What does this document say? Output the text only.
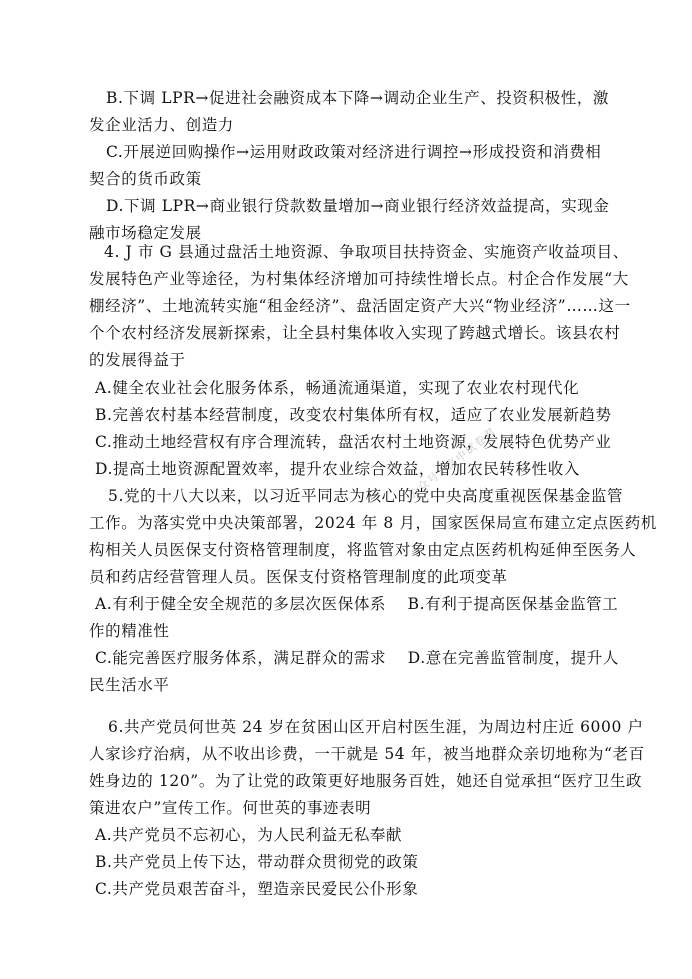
公众号：高中试卷君
B.下调 LPR→促进社会融资成本下降→调动企业生产、投资积极性，激
发企业活力、创造力
C.开展逆回购操作→运用财政政策对经济进行调控→形成投资和消费相
契合的货币政策
D.下调 LPR→商业银行贷款数量增加→商业银行经济效益提高，实现金
融市场稳定发展
4. J 市 G 县通过盘活土地资源、争取项目扶持资金、实施资产收益项目、
发展特色产业等途径，为村集体经济增加可持续性增长点。村企合作发展“大
棚经济”、土地流转实施“租金经济”、盘活固定资产大兴“物业经济”……这一
个个农村经济发展新探索，让全县村集体收入实现了跨越式增长。该县农村
的发展得益于
A.健全农业社会化服务体系，畅通流通渠道，实现了农业农村现代化
B.完善农村基本经营制度，改变农村集体所有权，适应了农业发展新趋势
C.推动土地经营权有序合理流转，盘活农村土地资源，发展特色优势产业
D.提高土地资源配置效率，提升农业综合效益，增加农民转移性收入
5.党的十八大以来，以习近平同志为核心的党中央高度重视医保基金监管
工作。为落实党中央决策部署，2024 年 8 月，国家医保局宣布建立定点医药机
构相关人员医保支付资格管理制度，将监管对象由定点医药机构延伸至医务人
员和药店经营管理人员。医保支付资格管理制度的此项变革
A.有利于健全安全规范的多层次医保体系　 B.有利于提高医保基金监管工
作的精准性
C.能完善医疗服务体系，满足群众的需求　 D.意在完善监管制度，提升人
民生活水平
6.共产党员何世英 24 岁在贫困山区开启村医生涯，为周边村庄近 6000 户
人家诊疗治病，从不收出诊费，一干就是 54 年，被当地群众亲切地称为“老百
姓身边的 120”。为了让党的政策更好地服务百姓，她还自觉承担“医疗卫生政
策进农户”宣传工作。何世英的事迹表明
A.共产党员不忘初心，为人民利益无私奉献
B.共产党员上传下达，带动群众贯彻党的政策
C.共产党员艰苦奋斗，塑造亲民爱民公仆形象
